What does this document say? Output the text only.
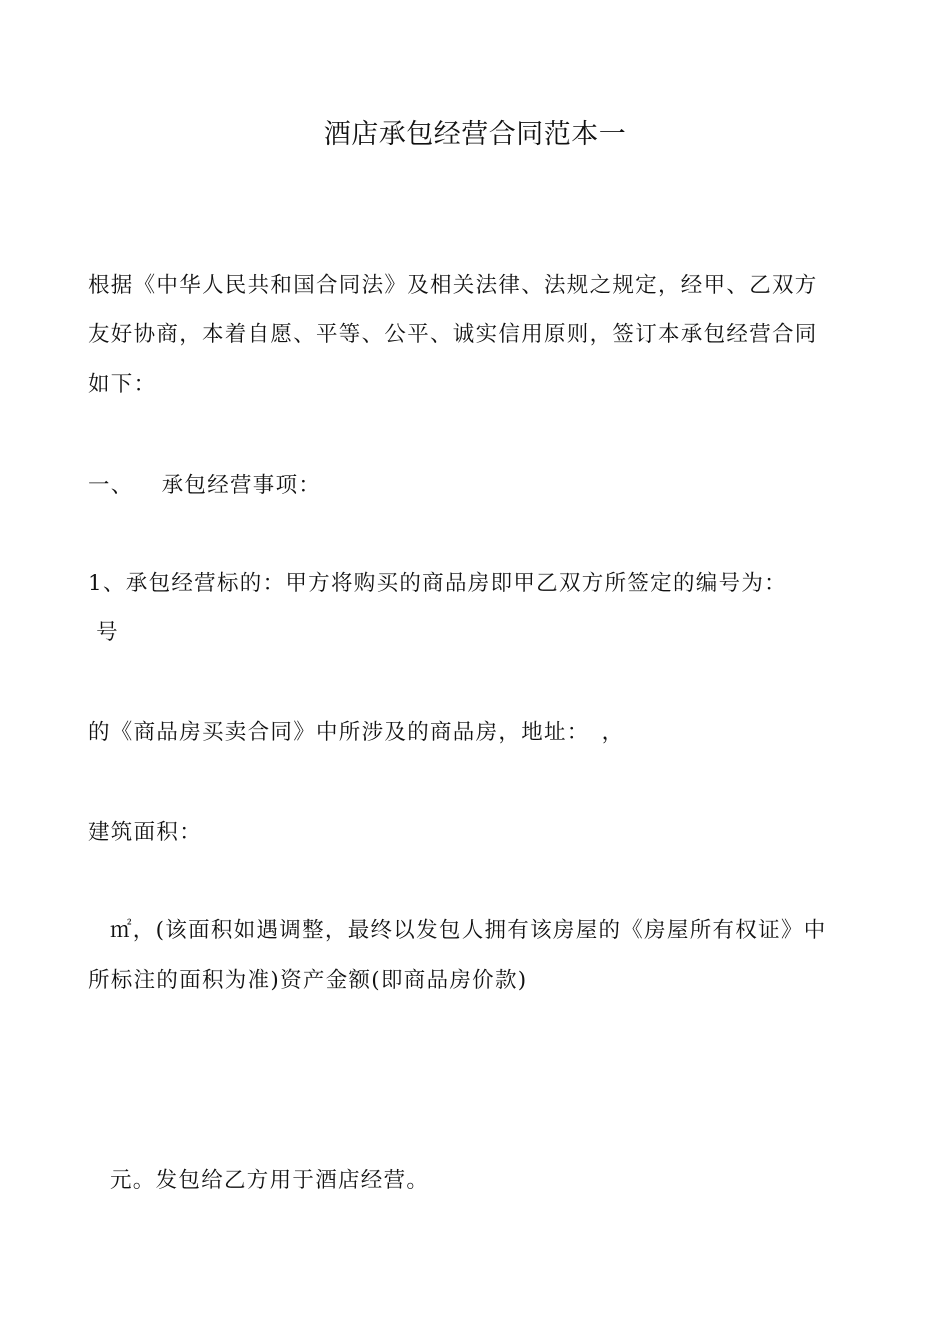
酒店承包经营合同范本一

根据《中华人民共和国合同法》及相关法律、法规之规定，经甲、乙双方

友好协商，本着自愿、平等、公平、诚实信用原则，签订本承包经营合同

如下：

一、 承包经营事项：

1、承包经营标的：甲方将购买的商品房即甲乙双方所签定的编号为：

号

的《商品房买卖合同》中所涉及的商品房，地址：　，

建筑面积：

㎡，(该面积如遇调整，最终以发包人拥有该房屋的《房屋所有权证》中

所标注的面积为准)资产金额(即商品房价款)

元。发包给乙方用于酒店经营。
